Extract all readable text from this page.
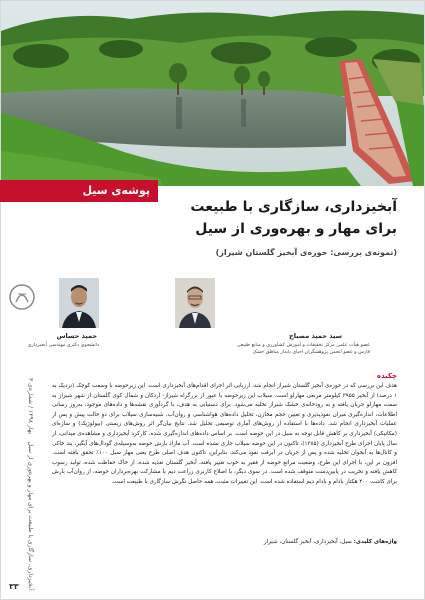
پوشه‌ی سیل
آبخیزداری، سازگاری با طبیعت
برای مهار و بهره‌وری از سیل
(نمونه‌ی بررسی: حوزه‌ی آبخیز گلستان شیراز)
آبخیزداری، سازگاری با طبیعت برای مهار و بهره‌وری از سیل    بهار ۱۳۹۸ / شماره‌ی ۳
۳۳
سید حمید مصباح
عضو هیأت علمی مرکز تحقیقات و آموزش کشاورزی و منابع طبیعی
فارس و عضو انجمن پژوهشگران احیای پایدار مناطق خشک
حمید حساس
دانشجوی دکتری مهندسی آبخیزداری
چکیده
هدف این بررسی که در حوزه‌ی آبخیز گلستان شیراز انجام شد، ارزیابی اثر اجرای اقدام‌های آبخیزداری است. این زیرحوضه با وسعت کوچک (نزدیک به ۱ درصد) از آبخیز ۳۹۵۵ کیلومتر مربعی مهارلو است. سیلاب این زیرحوضه با عبور از بزرگراه شیراز- اردکان و شمال کوی گلستان از شهر شیراز به سمت مهارلو جریان یافته و به رودخانه‌ی خشک شیراز تخلیه می‌شود. برای دستیابی به هدف، با گردآوری نقشه‌ها و داده‌های موجود، به‌روز رسانی اطلاعات، اندازه‌گیری میزان نفوذپذیری و تعیین حجم مخازن، تحلیل داده‌های هواشناسی و روان‌آب، شبیه‌سازی سیلاب برای دو حالت پیش و پس از عملیات آبخیزداری انجام شد. داده‌ها با استفاده از روش‌های آماری توصیفی تحلیل شد. نتایج بیان‌گر اثر روش‌های زیستی (بیولوژیک) و سازه‌ای (مکانیکی) آبخیزداری بر کاهش قابل توجه به سیل در این حوضه است. بر اساس داده‌های اندازه‌گیری شده، کارکرد آبخیزداری و مشاهده‌ی میدانی، از سال پایان اجرای طرح آبخیزداری (۱۳۸۵)، تاکنون در این حوضه سیلاب جاری نشده است. آب مازاد بارش حوضه به‌وسیله‌ی گودال‌های آبگیر، بند خاکی و کانال‌ها به آبخوان تخلیه شده و پس از جریان در آبرفت نفوذ می‌کند. بنابراین، تاکنون هدف اصلی طرح یعنی مهار سیل ۱۰۰٪ تحقق یافته است. افزون بر این، با اجرای این طرح، وضعیت مراتع حوضه از فقیر به خوب تغییر یافته، آبخیز گلستان تغذیه شده، از خاک حفاظت شده، تولید رسوب کاهش یافته و تخریب در پایین‌دست متوقف شده است. در سوی دیگر، با اصلاح کاربری زراعت دیم با مشارکت بهره‌برداران حوضه، از روان‌آب بارش برای کاشت ۴۰۰ هکتار بادام و بادام دیم استفاده شده است. این تغییرات مثبت، همه حاصل نگرش سازگاری با طبیعت است.
واژه‌های کلیدی: سیل، آبخیزداری، آبخیز گلستان، شیراز
